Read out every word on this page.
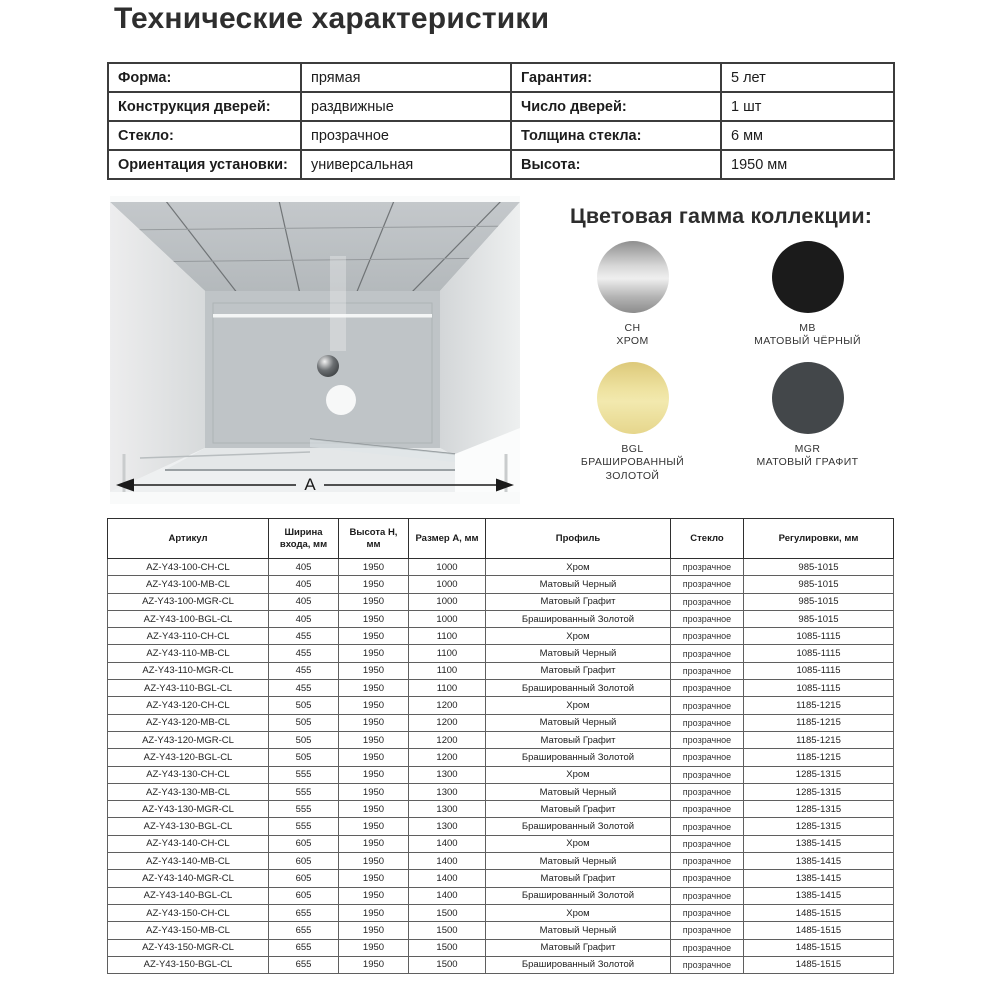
Технические характеристики
Форма:	прямая	Гарантия:	5 лет
Конструкция дверей:	раздвижные	Число дверей:	1 шт
Стекло:	прозрачное	Толщина стекла:	6 мм
Ориентация установки:	универсальная	Высота:	1950 мм
A
Цветовая гамма коллекции:
CH
ХРОМ
MB
МАТОВЫЙ ЧЁРНЫЙ
BGL
БРАШИРОВАННЫЙ ЗОЛОТОЙ
MGR
МАТОВЫЙ ГРАФИТ
Артикул	Ширина входа, мм	Высота H, мм	Размер A, мм	Профиль	Стекло	Регулировки, мм
AZ-Y43-100-CH-CL	405	1950	1000	Хром	прозрачное	985-1015
AZ-Y43-100-MB-CL	405	1950	1000	Матовый Черный	прозрачное	985-1015
AZ-Y43-100-MGR-CL	405	1950	1000	Матовый Графит	прозрачное	985-1015
AZ-Y43-100-BGL-CL	405	1950	1000	Брашированный Золотой	прозрачное	985-1015
AZ-Y43-110-CH-CL	455	1950	1100	Хром	прозрачное	1085-1115
AZ-Y43-110-MB-CL	455	1950	1100	Матовый Черный	прозрачное	1085-1115
AZ-Y43-110-MGR-CL	455	1950	1100	Матовый Графит	прозрачное	1085-1115
AZ-Y43-110-BGL-CL	455	1950	1100	Брашированный Золотой	прозрачное	1085-1115
AZ-Y43-120-CH-CL	505	1950	1200	Хром	прозрачное	1185-1215
AZ-Y43-120-MB-CL	505	1950	1200	Матовый Черный	прозрачное	1185-1215
AZ-Y43-120-MGR-CL	505	1950	1200	Матовый Графит	прозрачное	1185-1215
AZ-Y43-120-BGL-CL	505	1950	1200	Брашированный Золотой	прозрачное	1185-1215
AZ-Y43-130-CH-CL	555	1950	1300	Хром	прозрачное	1285-1315
AZ-Y43-130-MB-CL	555	1950	1300	Матовый Черный	прозрачное	1285-1315
AZ-Y43-130-MGR-CL	555	1950	1300	Матовый Графит	прозрачное	1285-1315
AZ-Y43-130-BGL-CL	555	1950	1300	Брашированный Золотой	прозрачное	1285-1315
AZ-Y43-140-CH-CL	605	1950	1400	Хром	прозрачное	1385-1415
AZ-Y43-140-MB-CL	605	1950	1400	Матовый Черный	прозрачное	1385-1415
AZ-Y43-140-MGR-CL	605	1950	1400	Матовый Графит	прозрачное	1385-1415
AZ-Y43-140-BGL-CL	605	1950	1400	Брашированный Золотой	прозрачное	1385-1415
AZ-Y43-150-CH-CL	655	1950	1500	Хром	прозрачное	1485-1515
AZ-Y43-150-MB-CL	655	1950	1500	Матовый Черный	прозрачное	1485-1515
AZ-Y43-150-MGR-CL	655	1950	1500	Матовый Графит	прозрачное	1485-1515
AZ-Y43-150-BGL-CL	655	1950	1500	Брашированный Золотой	прозрачное	1485-1515
